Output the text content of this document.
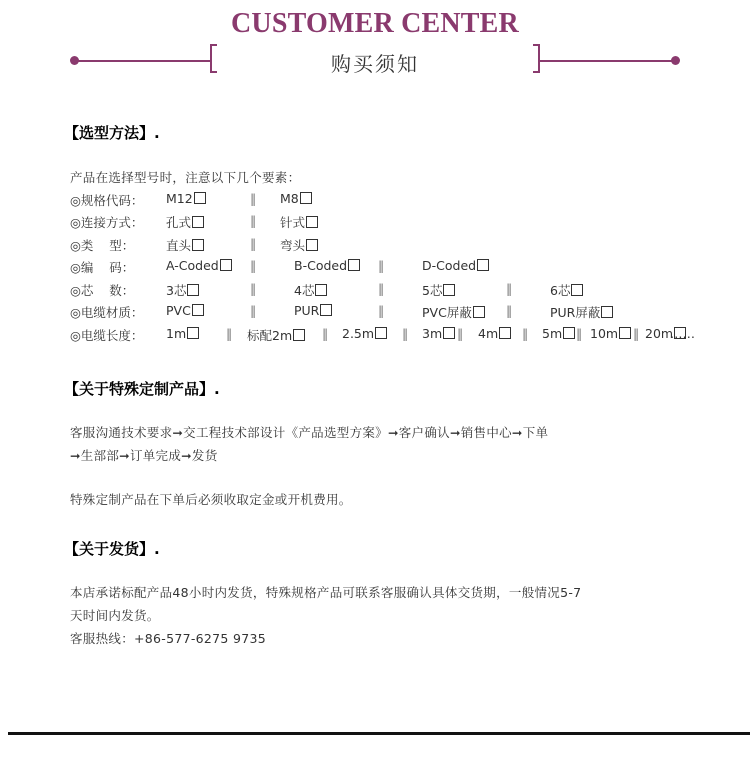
CUSTOMER CENTER
购买须知
【选型方法】.
产品在选择型号时，注意以下几个要素：
◎规格代码： M12	M8
‖
◎连接方式： 孔式	针式
‖
◎类    型：	直头	弯头
‖
◎编    码：	A-Coded	B-Coded	D-Coded
‖	‖
◎芯    数：	3芯	4芯	5芯	6芯
‖	‖	‖
◎电缆材质： PVC	PUR	PVC屏蔽	PUR屏蔽
‖	‖	‖
◎电缆长度： 1m	标配2m	2.5m	3m	4m	5m	10m	20m
‖	‖	‖	‖	‖	‖	‖ ……
【关于特殊定制产品】.
客服沟通技术要求➞交工程技术部设计《产品选型方案》➞客户确认➞销售中心➞下单
➞生部部➞订单完成➞发货
特殊定制产品在下单后必须收取定金或开机费用。
【关于发货】.
本店承诺标配产品48小时内发货，特殊规格产品可联系客服确认具体交货期，一般情况5-7
天时间内发货。
客服热线：+86-577-6275 9735
